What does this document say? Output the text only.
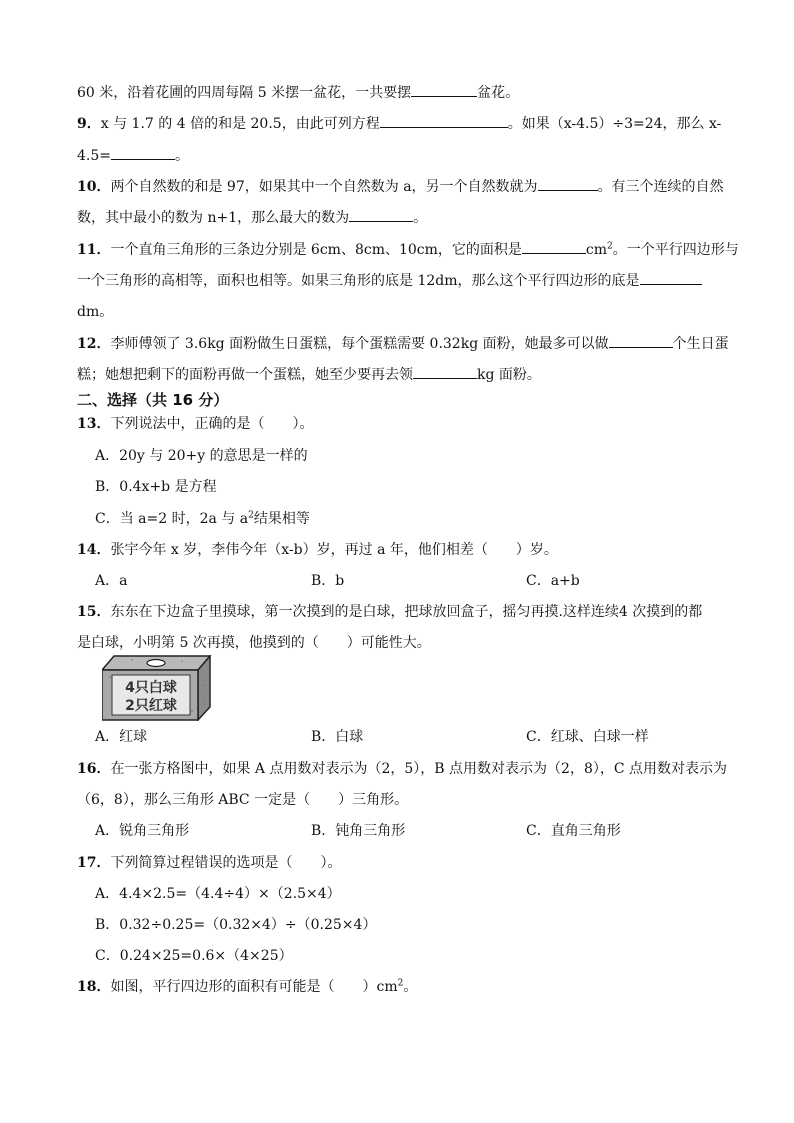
60 米，沿着花圃的四周每隔 5 米摆一盆花，一共要摆	盆花。
9．x 与 1.7 的 4 倍的和是 20.5，由此可列方程	。如果（x-4.5）÷3=24，那么 x-
4.5=	。
10．两个自然数的和是 97，如果其中一个自然数为 a，另一个自然数就为	。有三个连续的自然
数，其中最小的数为 n+1，那么最大的数为	。
11．一个直角三角形的三条边分别是 6cm、8cm、10cm，它的面积是	$cm^2$。一个平行四边形与
一个三角形的高相等，面积也相等。如果三角形的底是 12dm，那么这个平行四边形的底是
dm。
12．李师傅领了 3.6kg 面粉做生日蛋糕，每个蛋糕需要 0.32kg 面粉，她最多可以做	个生日蛋
糕；她想把剩下的面粉再做一个蛋糕，她至少要再去领	kg 面粉。
二、选择（共 16 分）
13．下列说法中，正确的是（　　）。
A．20y 与 20+y 的意思是一样的
B．0.4x+b 是方程
C．当 a=2 时，2a 与 $a^2$结果相等
14．张宇今年 x 岁，李伟今年（x-b）岁，再过 a 年，他们相差（　　）岁。
A．a	B．b	C．a+b
15．东东在下边盒子里摸球，第一次摸到的是白球，把球放回盒子，摇匀再摸.这样连续4 次摸到的都
是白球，小明第 5 次再摸，他摸到的（　　）可能性大。
4只白球
2只红球
A．红球	B．白球	C．红球、白球一样
16．在一张方格图中，如果 A 点用数对表示为（2，5），B 点用数对表示为（2，8），C 点用数对表示为
（6，8），那么三角形 ABC 一定是（　　）三角形。
A．锐角三角形	B．钝角三角形	C．直角三角形
17．下列简算过程错误的选项是（　　）。
A．4.4×2.5=（4.4÷4）×（2.5×4）
B．0.32÷0.25=（0.32×4）÷（0.25×4）
C．0.24×25=0.6×（4×25）
18．如图，平行四边形的面积有可能是（　　）$cm^2$。
